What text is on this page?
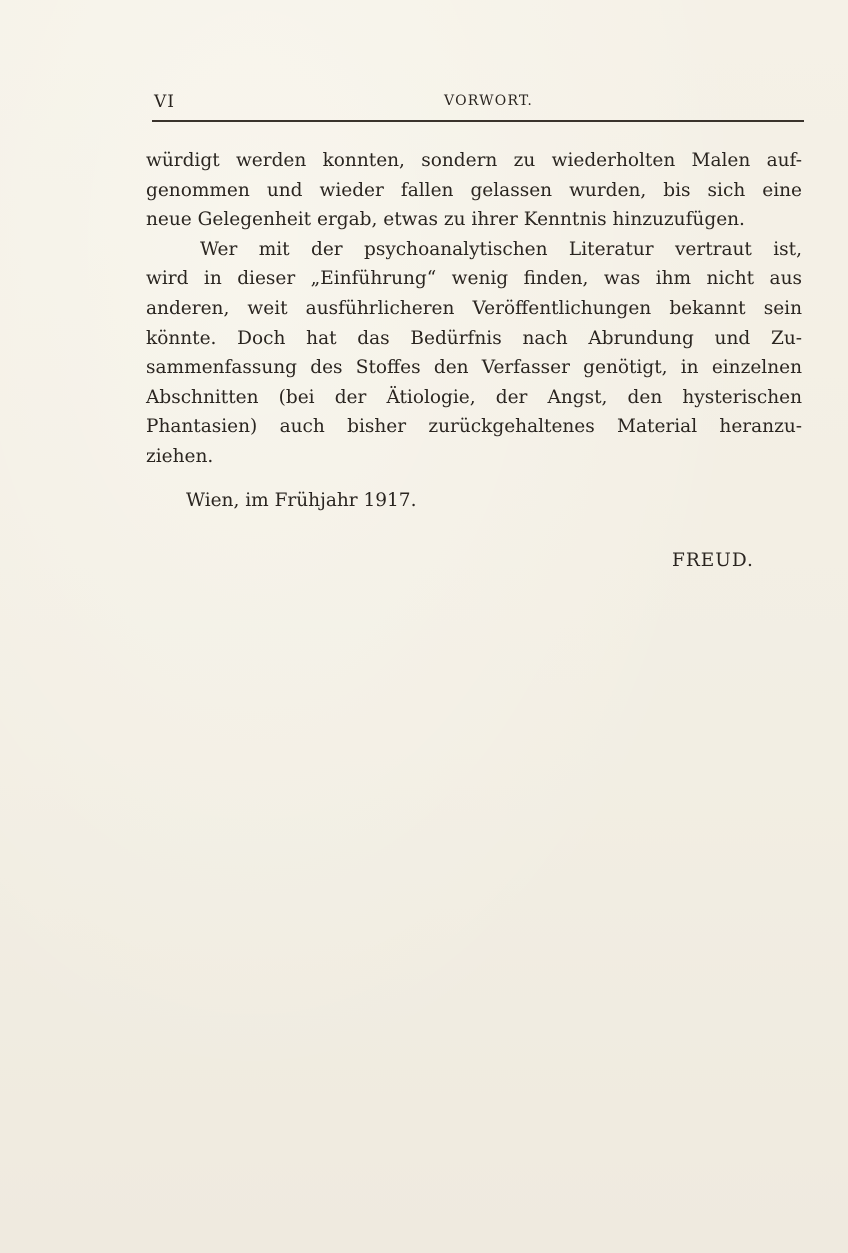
VI	VORWORT.
würdigt werden konnten, sondern zu wiederholten Malen auf-
genommen und wieder fallen gelassen wurden, bis sich eine
neue Gelegenheit ergab, etwas zu ihrer Kenntnis hinzuzufügen.
Wer mit der psychoanalytischen Literatur vertraut ist,
wird in dieser „Einführung“ wenig finden, was ihm nicht aus
anderen, weit ausführlicheren Veröffentlichungen bekannt sein
könnte. Doch hat das Bedürfnis nach Abrundung und Zu-
sammenfassung des Stoffes den Verfasser genötigt, in einzelnen
Abschnitten (bei der Ätiologie, der Angst, den hysterischen
Phantasien) auch bisher zurückgehaltenes Material heranzu-
ziehen.
Wien, im Frühjahr 1917.
FREUD.
